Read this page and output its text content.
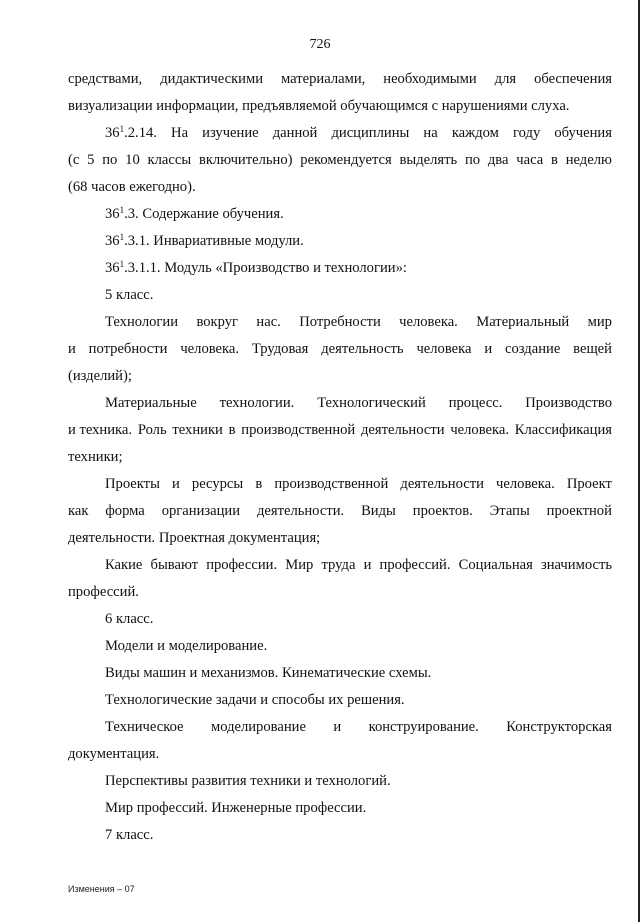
726
средствами, дидактическими материалами, необходимыми для обеспечения
визуализации информации, предъявляемой обучающимся с нарушениями слуха.
$36^1.2.14$. На изучение данной дисциплины на каждом году обучения
(с 5 по 10 классы включительно) рекомендуется выделять по два часа в неделю
(68 часов ежегодно).
$36^1.3$. Содержание обучения.
$36^1.3.1$. Инвариативные модули.
$36^1.3.1.1$. Модуль «Производство и технологии»:
5 класс.
Технологии вокруг нас. Потребности человека. Материальный мир
и потребности человека. Трудовая деятельность человека и создание вещей
(изделий);
Материальные технологии. Технологический процесс. Производство
и техника. Роль техники в производственной деятельности человека. Классификация
техники;
Проекты и ресурсы в производственной деятельности человека. Проект
как форма организации деятельности. Виды проектов. Этапы проектной
деятельности. Проектная документация;
Какие бывают профессии. Мир труда и профессий. Социальная значимость
профессий.
6 класс.
Модели и моделирование.
Виды машин и механизмов. Кинематические схемы.
Технологические задачи и способы их решения.
Техническое моделирование и конструирование. Конструкторская
документация.
Перспективы развития техники и технологий.
Мир профессий. Инженерные профессии.
7 класс.
Изменения – 07
